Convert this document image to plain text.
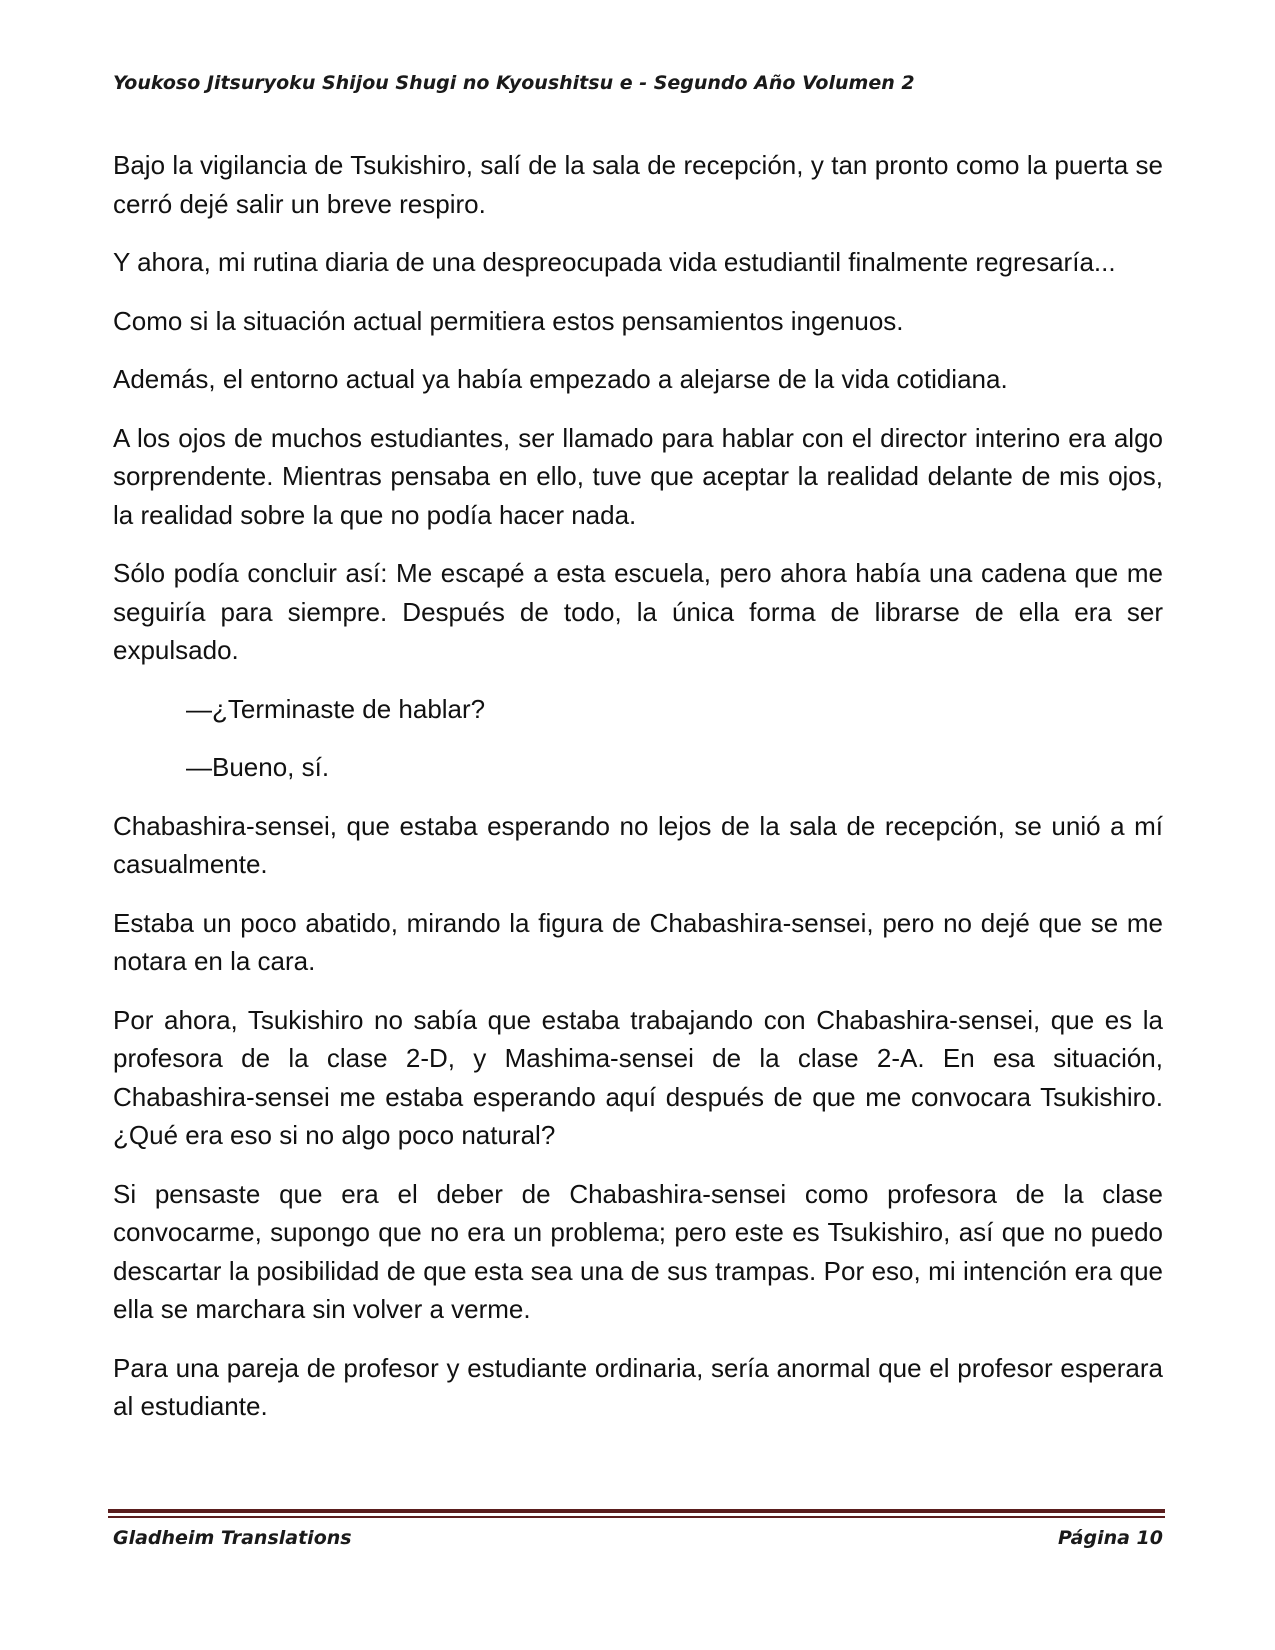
Youkoso Jitsuryoku Shijou Shugi no Kyoushitsu e - Segundo Año Volumen 2

Bajo la vigilancia de Tsukishiro, salí de la sala de recepción, y tan pronto como la puerta se cerró dejé salir un breve respiro.

Y ahora, mi rutina diaria de una despreocupada vida estudiantil finalmente regresaría...

Como si la situación actual permitiera estos pensamientos ingenuos.

Además, el entorno actual ya había empezado a alejarse de la vida cotidiana.

A los ojos de muchos estudiantes, ser llamado para hablar con el director interino era algo sorprendente. Mientras pensaba en ello, tuve que aceptar la realidad delante de mis ojos, la realidad sobre la que no podía hacer nada.

Sólo podía concluir así: Me escapé a esta escuela, pero ahora había una cadena que me seguiría para siempre. Después de todo, la única forma de librarse de ella era ser expulsado.

—¿Terminaste de hablar?

—Bueno, sí.

Chabashira-sensei, que estaba esperando no lejos de la sala de recepción, se unió a mí casualmente.

Estaba un poco abatido, mirando la figura de Chabashira-sensei, pero no dejé que se me notara en la cara.

Por ahora, Tsukishiro no sabía que estaba trabajando con Chabashira-sensei, que es la profesora de la clase 2-D, y Mashima-sensei de la clase 2-A. En esa situación, Chabashira-sensei me estaba esperando aquí después de que me convocara Tsukishiro. ¿Qué era eso si no algo poco natural?

Si pensaste que era el deber de Chabashira-sensei como profesora de la clase convocarme, supongo que no era un problema; pero este es Tsukishiro, así que no puedo descartar la posibilidad de que esta sea una de sus trampas. Por eso, mi intención era que ella se marchara sin volver a verme.

Para una pareja de profesor y estudiante ordinaria, sería anormal que el profesor esperara al estudiante.

Gladheim Translations	Página 10
